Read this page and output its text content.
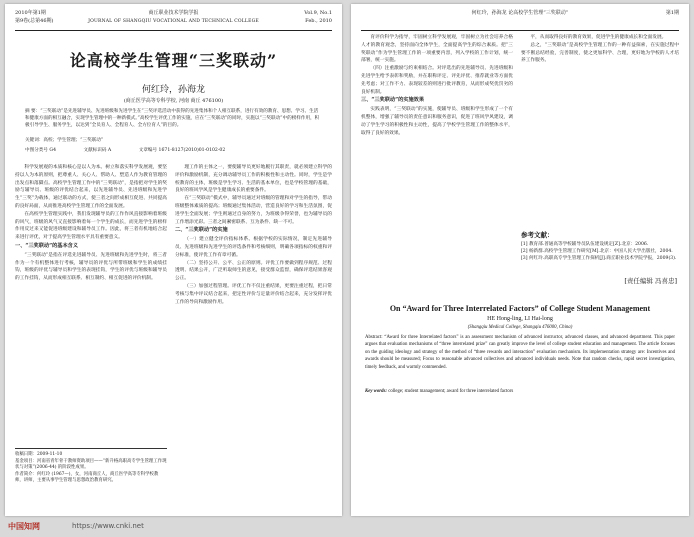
2010年第1期
第9卷(总第46期)
商丘职业技术学院学报
JOURNAL OF SHANGQIU VOCATIONAL AND TECHNICAL COLLEGE
Vol.9, No.1
Feb., 2010
论高校学生管理“三奖联动”
何红玲，孙海龙
(商丘医学高等专科学校, 河南 商丘 476100)
摘 要：“三奖联动”是先进辅导员、先进班级和先进学生在“三奖评选活动中获得的先进集体和个人相互联系，进行有效的教育、思想、学习、生活和健康方面的相互融合，实现学生管理中的一种新模式。”高校学生评优工作的实施，应在“三奖联动”的同时，实施以“三奖联动”中的榜样作用，积极引导学生、服务学生，以达到“全员育人、全程育人、全方位育人”的目的。
关键词：高校；学生管理；“三奖联动”
中图分类号 G4	文献标识码 A	文章编号 1671-8127(2010)01-0102-02

科学发展观的本质和核心是以人为本。树立和落实科学发展观，要坚持以人为本的原则，把尊重人、关心人、帮助人、塑造人作为教育管理的出发点和落脚点。高校学生管理工作中的“三奖联动”，是指把对学生的奖励与辅导员、班级的评优结合起来，以先进辅导员、先进班级和先进学生“三奖”为载体，通过联动的方式，使三者之间形成相互促进、共同提高的良好局面，从而推进高校学生管理工作的全面发展。

在高校学生管理实践中，我们发现辅导员的工作作风直接影响着班级的风气，班级的风气又直接影响着每一个学生的成长，而先进学生的榜样作用反过来又能促进班级建设和辅导员工作。因此，将三者有机地结合起来进行评优，对于提高学生管理水平具有重要意义。

一、“三奖联动”的基本含义

“三奖联动”是指在评选先进辅导员、先进班级和先进学生时，将三者作为一个有机整体进行考核，辅导员的评优与所带班级和学生的成绩挂钩，班级的评优与辅导员和学生的表现挂钩，学生的评优与班级和辅导员的工作挂钩，从而形成相互联系、相互制约、相互促进的评价机制。

理工作的主体之一，要使辅导员更好地履行其职责，就必须建立科学的评价和激励机制，充分调动辅导员工作的积极性和主动性。同时，学生是学校教育的主体，班级是学生学习、生活的基本单位，也是学校管理的基础，良好的班风学风是学生健康成长的重要条件。

在“三奖联动”模式中，辅导员通过对班级的管理和对学生的指导，带动班级整体素质的提高；班级通过集体活动，营造良好的学习和生活氛围，促进学生全面发展；学生则通过自身的努力，为班级争得荣誉，也为辅导员的工作增添光彩。三者之间紧密联系、互为条件、缺一不可。

二、“三奖联动”的实施

（一）建立健全评价指标体系。根据学校的实际情况，制定先进辅导员、先进班级和先进学生的评选条件和考核细则，明确各项指标的权重和评分标准，使评优工作有章可循。

（二）坚持公开、公平、公正的原则。评优工作要做到程序规范、过程透明、结果公开，广泛听取师生的意见，接受群众监督，确保评选结果客观公正。

（三）加强过程管理。评优工作不仅注重结果，更要注重过程，把日常考核与集中评议结合起来，把定性评价与定量评价结合起来，充分发挥评优工作的导向和激励作用。

收稿日期：2009-11-10
基金项目：河南省青年骨干教师资助项目——“新升格高职高专学生管理工作现状与对策”(2006-44) 的阶段性成果。
作者简介：何红玲 (1967—)，女，河南商丘人，商丘医学高等专科学校教师，讲师，主要从事学生管理与思想政治教育研究。
何红玲，孙海龙 论高校学生管理“三奖联动”	第1期

育评价科学为指导，牢固树立科学发展观，牢固树立为社会培养合格人才的教育观念，坚持面向全体学生，全面提高学生的综合素质。把“三奖联动”作为学生管理工作的一项重要内容，列入学校的工作计划，统一部署，统一实施。

（四）注重激励与约束相结合。对评选出的先进辅导员、先进班级和先进学生给予表彰和奖励，并在职称评定、评先评优、推荐就业等方面优先考虑；对工作不力、表现较差的则进行批评教育，从而形成奖优罚劣的良好机制。

三、“三奖联动”的实施效果

实践表明，“三奖联动”的实施，使辅导员、班级和学生形成了一个有机整体，增强了辅导员的责任意识和服务意识，促进了班风学风建设，调动了学生学习的积极性和主动性，提高了学校学生管理工作的整体水平，取得了良好的效果。

平，从而取得良好的教育效果，促进学生的健康成长和全面发展。

总之，“三奖联动”是高校学生管理工作的一种有益探索，在实施过程中要不断总结经验，完善制度，使之更加科学、合理，更好地为学校的人才培养工作服务。

参考文献：
[1] 教育部.普通高等学校辅导员队伍建设规定[Z].北京：2006.
[2] 杨新群.高校学生管理工作研究[M].北京：中国人民大学出版社，2004.
[3] 何红玲.高职高专学生管理工作探析[J].商丘职业技术学院学报，2009(3).
[责任编辑 冯喜忠]
On “Award for Three Interrelated Factors” of College Student Management
HE Hong-ling, LI Hai-long
(Shangqiu Medical College, Shangqiu 476000, China)
Abstract: “Award for three Interrelated factors” is an assessment mechanism of advanced instructor, advanced classes, and advanced department. This paper argues that evaluation mechanisms of “three interrelated prize” can greatly improve the level of college student education and management. The article focuses on the guiding ideology and strategy of the method of “three rewards and interaction” evaluation mechanism. Its implementation strategy are: Incentives and awards should be measured; Focus to reasonable advanced collectives and advanced individuals needs. Note that random checks, rapid secret investigation, timely feedback, and warmly commended.
Key words: college; student management; award for three interrelated factors
中国知网	https://www.cnki.net
